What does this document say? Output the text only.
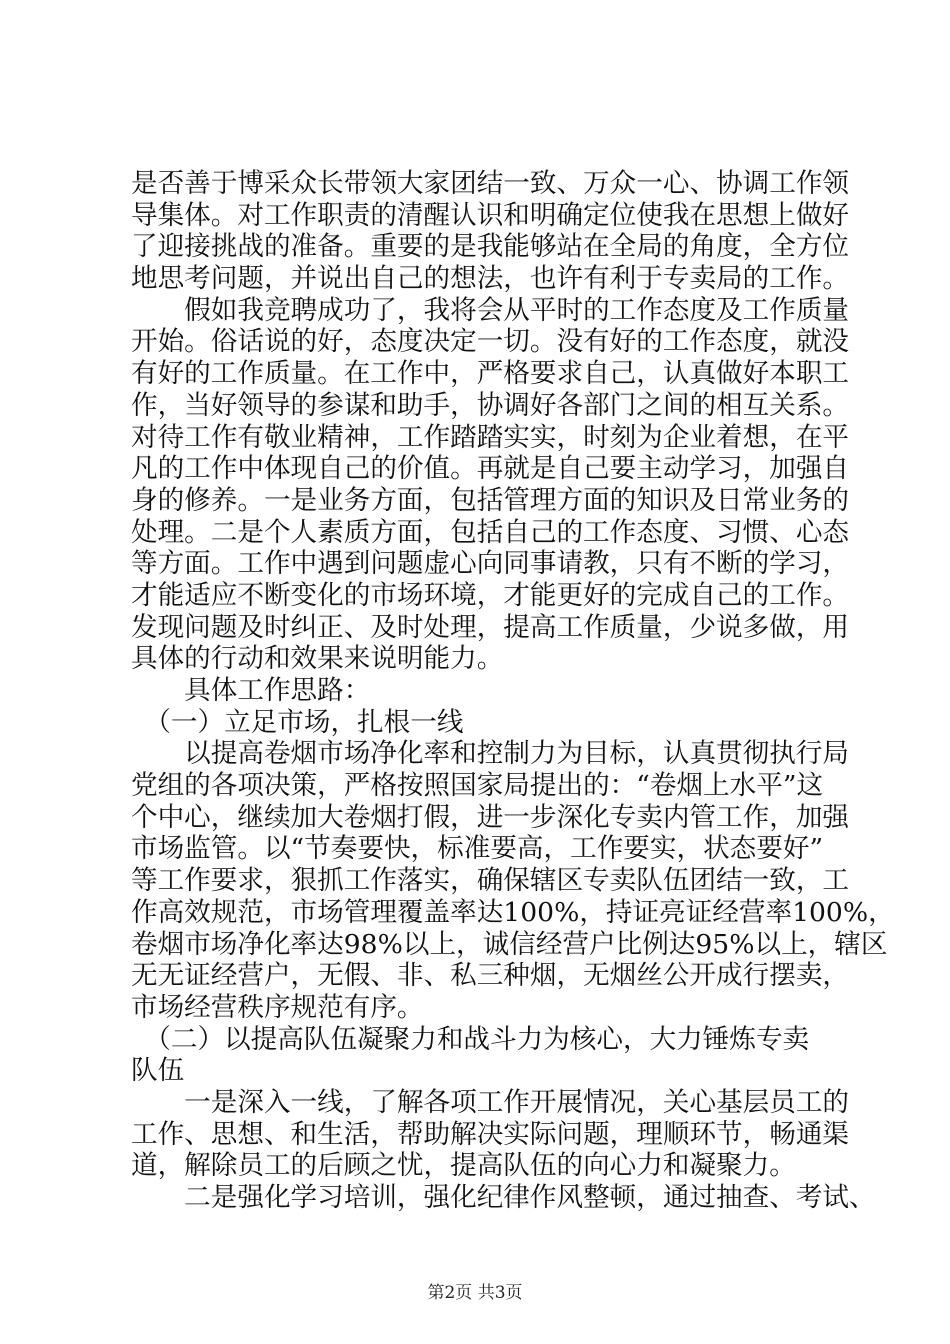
是否善于博采众长带领大家团结一致、万众一心、协调工作领
导集体。对工作职责的清醒认识和明确定位使我在思想上做好
了迎接挑战的准备。重要的是我能够站在全局的角度，全方位
地思考问题，并说出自己的想法，也许有利于专卖局的工作。
　　假如我竞聘成功了，我将会从平时的工作态度及工作质量
开始。俗话说的好，态度决定一切。没有好的工作态度，就没
有好的工作质量。在工作中，严格要求自己，认真做好本职工
作，当好领导的参谋和助手，协调好各部门之间的相互关系。
对待工作有敬业精神，工作踏踏实实，时刻为企业着想，在平
凡的工作中体现自己的价值。再就是自己要主动学习，加强自
身的修养。一是业务方面，包括管理方面的知识及日常业务的
处理。二是个人素质方面，包括自己的工作态度、习惯、心态
等方面。工作中遇到问题虚心向同事请教，只有不断的学习，
才能适应不断变化的市场环境，才能更好的完成自己的工作。
发现问题及时纠正、及时处理，提高工作质量，少说多做，用
具体的行动和效果来说明能力。
　　具体工作思路：
　（一）立足市场，扎根一线
　　以提高卷烟市场净化率和控制力为目标，认真贯彻执行局
党组的各项决策，严格按照国家局提出的：“卷烟上水平”这
个中心，继续加大卷烟打假，进一步深化专卖内管工作，加强
市场监管。以“节奏要快，标准要高，工作要实，状态要好”
等工作要求，狠抓工作落实，确保辖区专卖队伍团结一致，工
作高效规范，市场管理覆盖率达100%，持证亮证经营率100%，
卷烟市场净化率达98%以上，诚信经营户比例达95%以上，辖区
无无证经营户，无假、非、私三种烟，无烟丝公开成行摆卖，
市场经营秩序规范有序。
　（二）以提高队伍凝聚力和战斗力为核心，大力锤炼专卖
队伍
　　一是深入一线，了解各项工作开展情况，关心基层员工的
工作、思想、和生活，帮助解决实际问题，理顺环节，畅通渠
道，解除员工的后顾之忧，提高队伍的向心力和凝聚力。
　　二是强化学习培训，强化纪律作风整顿，通过抽查、考试、
第2页 共3页
